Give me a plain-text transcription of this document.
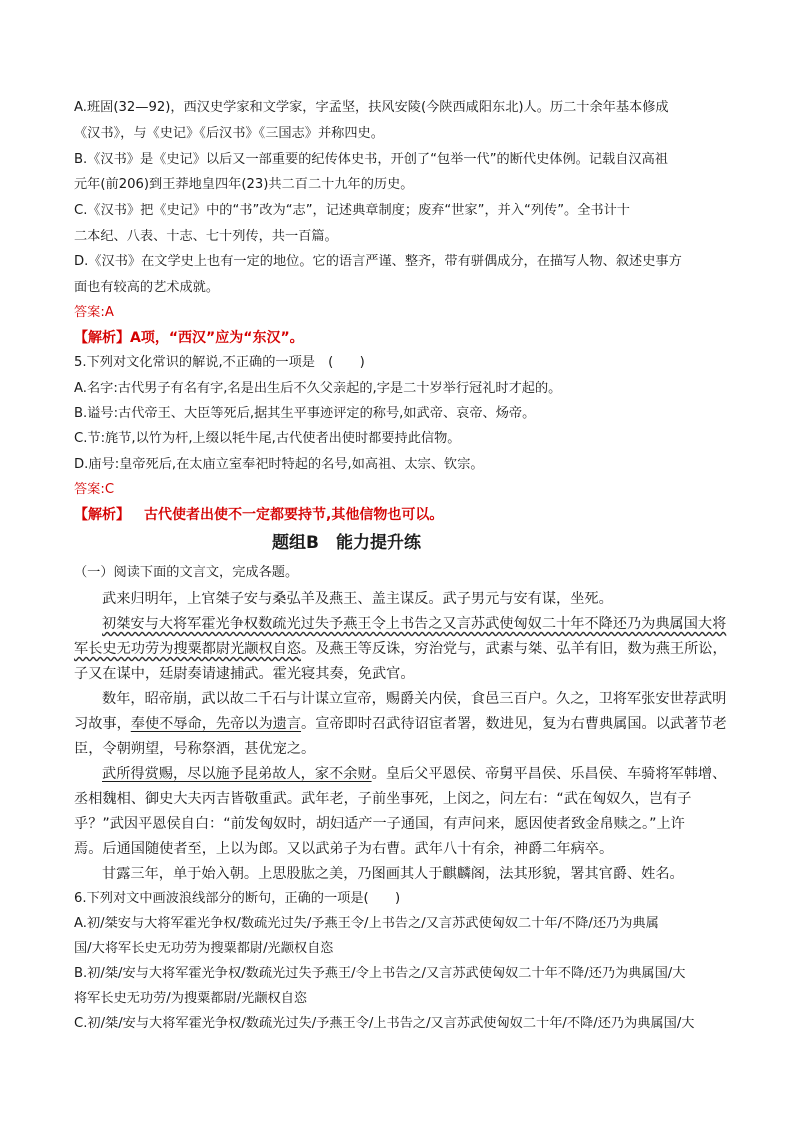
A.班固(32—92)，西汉史学家和文学家，字孟坚，扶风安陵(今陕西咸阳东北)人。历二十余年基本修成
《汉书》，与《史记》《后汉书》《三国志》并称四史。
B.《汉书》是《史记》以后又一部重要的纪传体史书，开创了“包举一代”的断代史体例。记载自汉高祖
元年(前206)到王莽地皇四年(23)共二百二十九年的历史。
C.《汉书》把《史记》中的“书”改为“志”，记述典章制度；废弃“世家”，并入“列传”。全书计十
二本纪、八表、十志、七十列传，共一百篇。
D.《汉书》在文学史上也有一定的地位。它的语言严谨、整齐，带有骈偶成分，在描写人物、叙述史事方
面也有较高的艺术成就。
答案:A
【解析】A项，“西汉”应为“东汉”。
5.下列对文化常识的解说,不正确的一项是　(　　)
A.名字:古代男子有名有字,名是出生后不久父亲起的,字是二十岁举行冠礼时才起的。
B.谥号:古代帝王、大臣等死后,据其生平事迹评定的称号,如武帝、哀帝、炀帝。
C.节:旄节,以竹为杆,上缀以牦牛尾,古代使者出使时都要持此信物。
D.庙号:皇帝死后,在太庙立室奉祀时特起的名号,如高祖、太宗、钦宗。
答案:C
【解析】 古代使者出使不一定都要持节,其他信物也可以。
题组B　能力提升练
（一）阅读下面的文言文，完成各题。
武来归明年，上官桀子安与桑弘羊及燕王、盖主谋反。武子男元与安有谋，坐死。
初桀安与大将军霍光争权数疏光过失予燕王令上书告之又言苏武使匈奴二十年不降还乃为典属国大将
军长史无功劳为搜粟都尉光颛权自恣。及燕王等反诛，穷治党与，武素与桀、弘羊有旧，数为燕王所讼，
子又在谋中，廷尉奏请逮捕武。霍光寝其奏，免武官。
数年，昭帝崩，武以故二千石与计谋立宣帝，赐爵关内侯，食邑三百户。久之，卫将军张安世荐武明
习故事，奉使不辱命，先帝以为遗言。宣帝即时召武待诏宦者署，数进见，复为右曹典属国。以武著节老
臣，令朝朔望，号称祭酒，甚优宠之。
武所得赏赐，尽以施予昆弟故人，家不余财。皇后父平恩侯、帝舅平昌侯、乐昌侯、车骑将军韩增、
丞相魏相、御史大夫丙吉皆敬重武。武年老，子前坐事死，上闵之，问左右：“武在匈奴久，岂有子
乎？”武因平恩侯自白：“前发匈奴时，胡妇适产一子通国，有声问来，愿因使者致金帛赎之。”上许
焉。后通国随使者至，上以为郎。又以武弟子为右曹。武年八十有余，神爵二年病卒。
甘露三年，单于始入朝。上思股肱之美，乃图画其人于麒麟阁，法其形貌，署其官爵、姓名。
6.下列对文中画波浪线部分的断句，正确的一项是(　　)
A.初/桀安与大将军霍光争权/数疏光过失/予燕王令/上书告之/又言苏武使匈奴二十年/不降/还乃为典属
国/大将军长史无功劳为搜粟都尉/光颛权自恣
B.初/桀/安与大将军霍光争权/数疏光过失予燕王/令上书告之/又言苏武使匈奴二十年不降/还乃为典属国/大
将军长史无功劳/为搜粟都尉/光颛权自恣
C.初/桀/安与大将军霍光争权/数疏光过失/予燕王令/上书告之/又言苏武使匈奴二十年/不降/还乃为典属国/大
